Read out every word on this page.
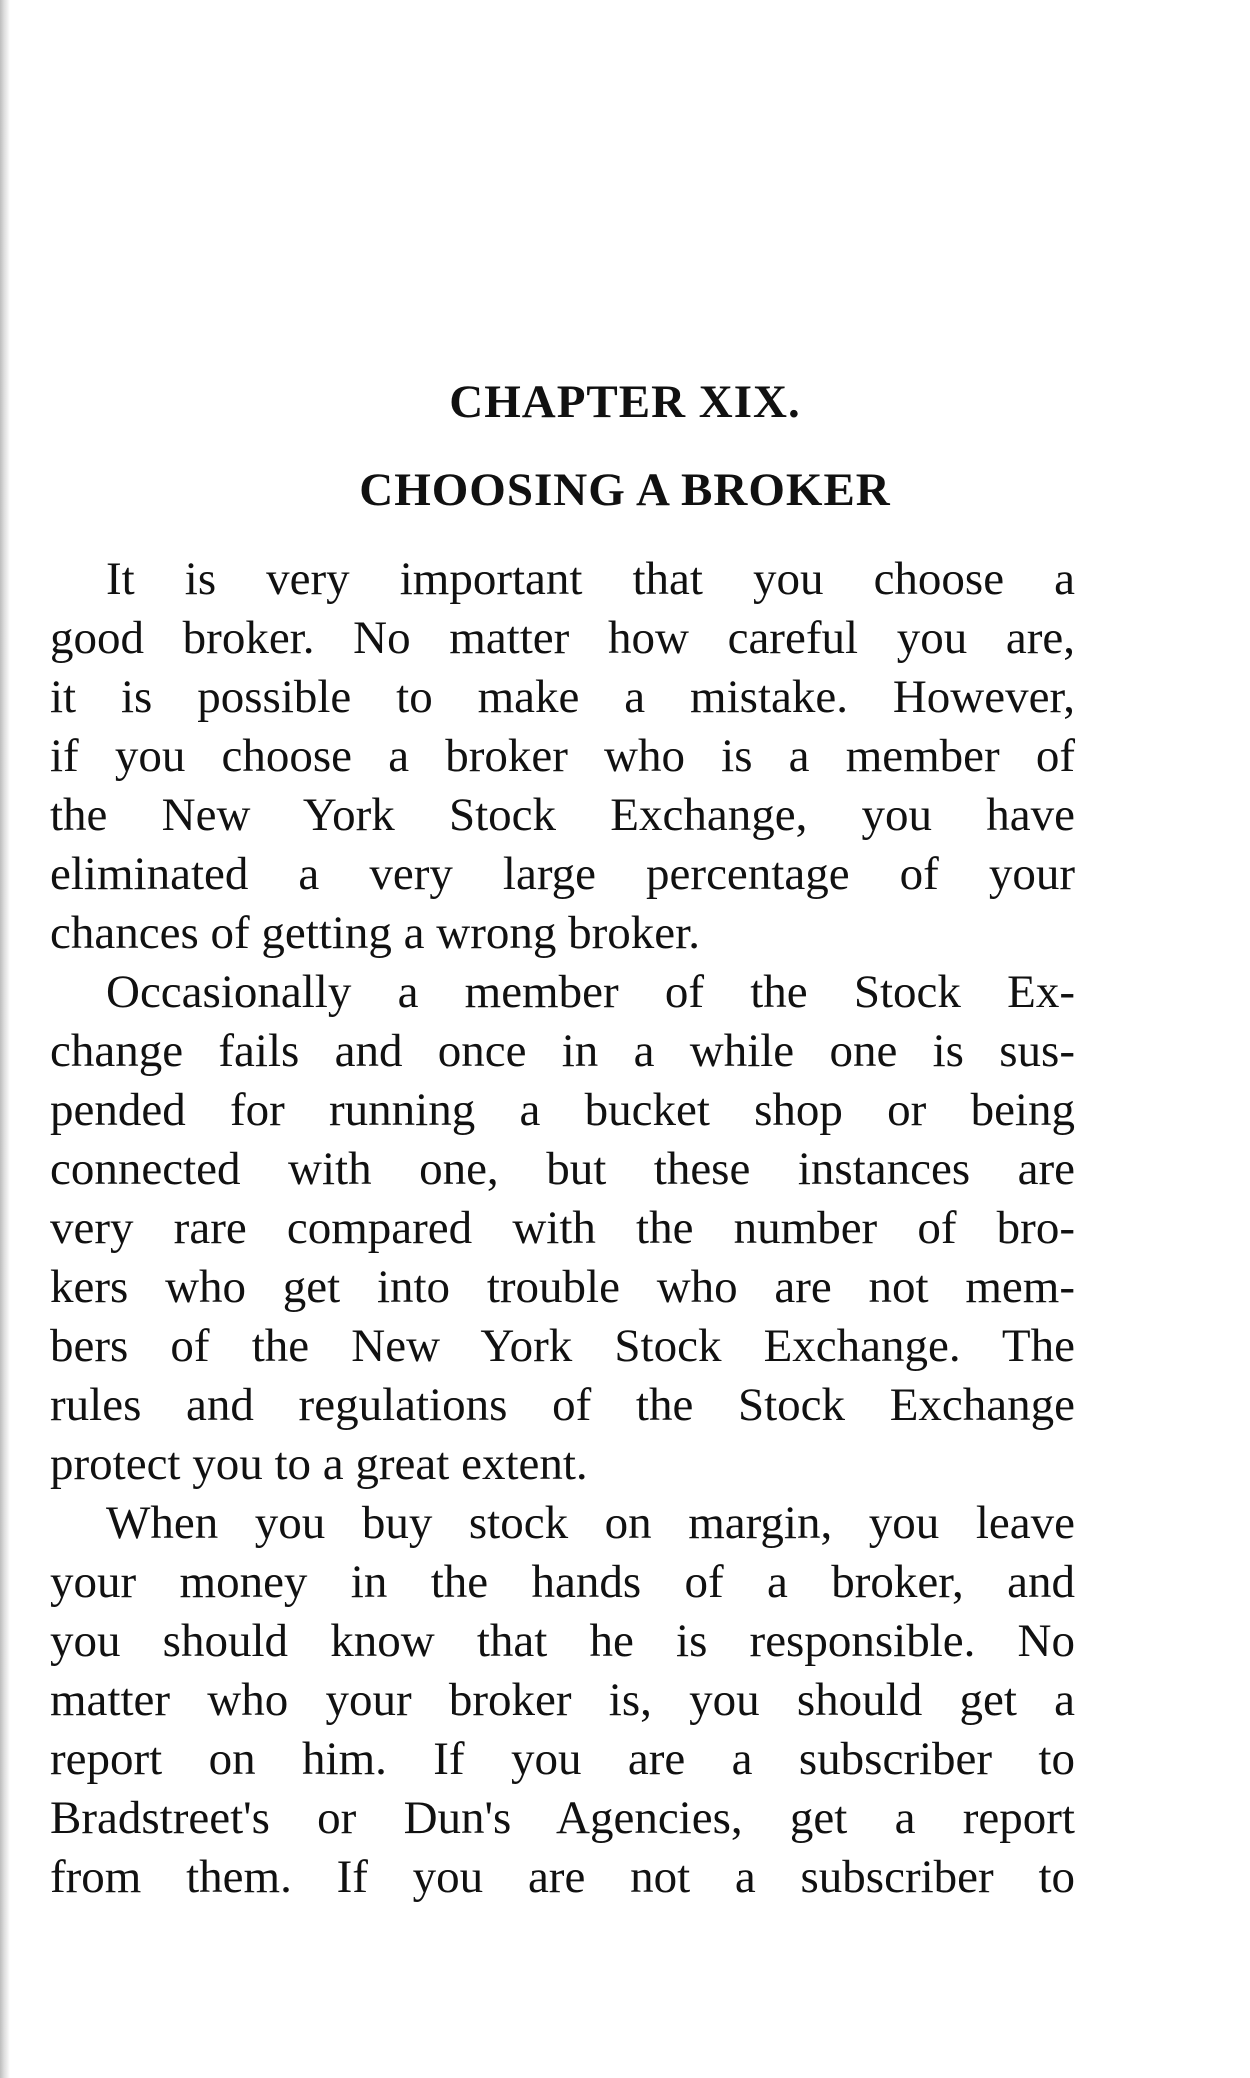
CHAPTER XIX.
CHOOSING A BROKER
It is very important that you choose a
good broker. No matter how careful you are,
it is possible to make a mistake. However,
if you choose a broker who is a member of
the New York Stock Exchange, you have
eliminated a very large percentage of your
chances of getting a wrong broker.
Occasionally a member of the Stock Ex-
change fails and once in a while one is sus-
pended for running a bucket shop or being
connected with one, but these instances are
very rare compared with the number of bro-
kers who get into trouble who are not mem-
bers of the New York Stock Exchange. The
rules and regulations of the Stock Exchange
protect you to a great extent.
When you buy stock on margin, you leave
your money in the hands of a broker, and
you should know that he is responsible. No
matter who your broker is, you should get a
report on him. If you are a subscriber to
Bradstreet's or Dun's Agencies, get a report
from them. If you are not a subscriber to
